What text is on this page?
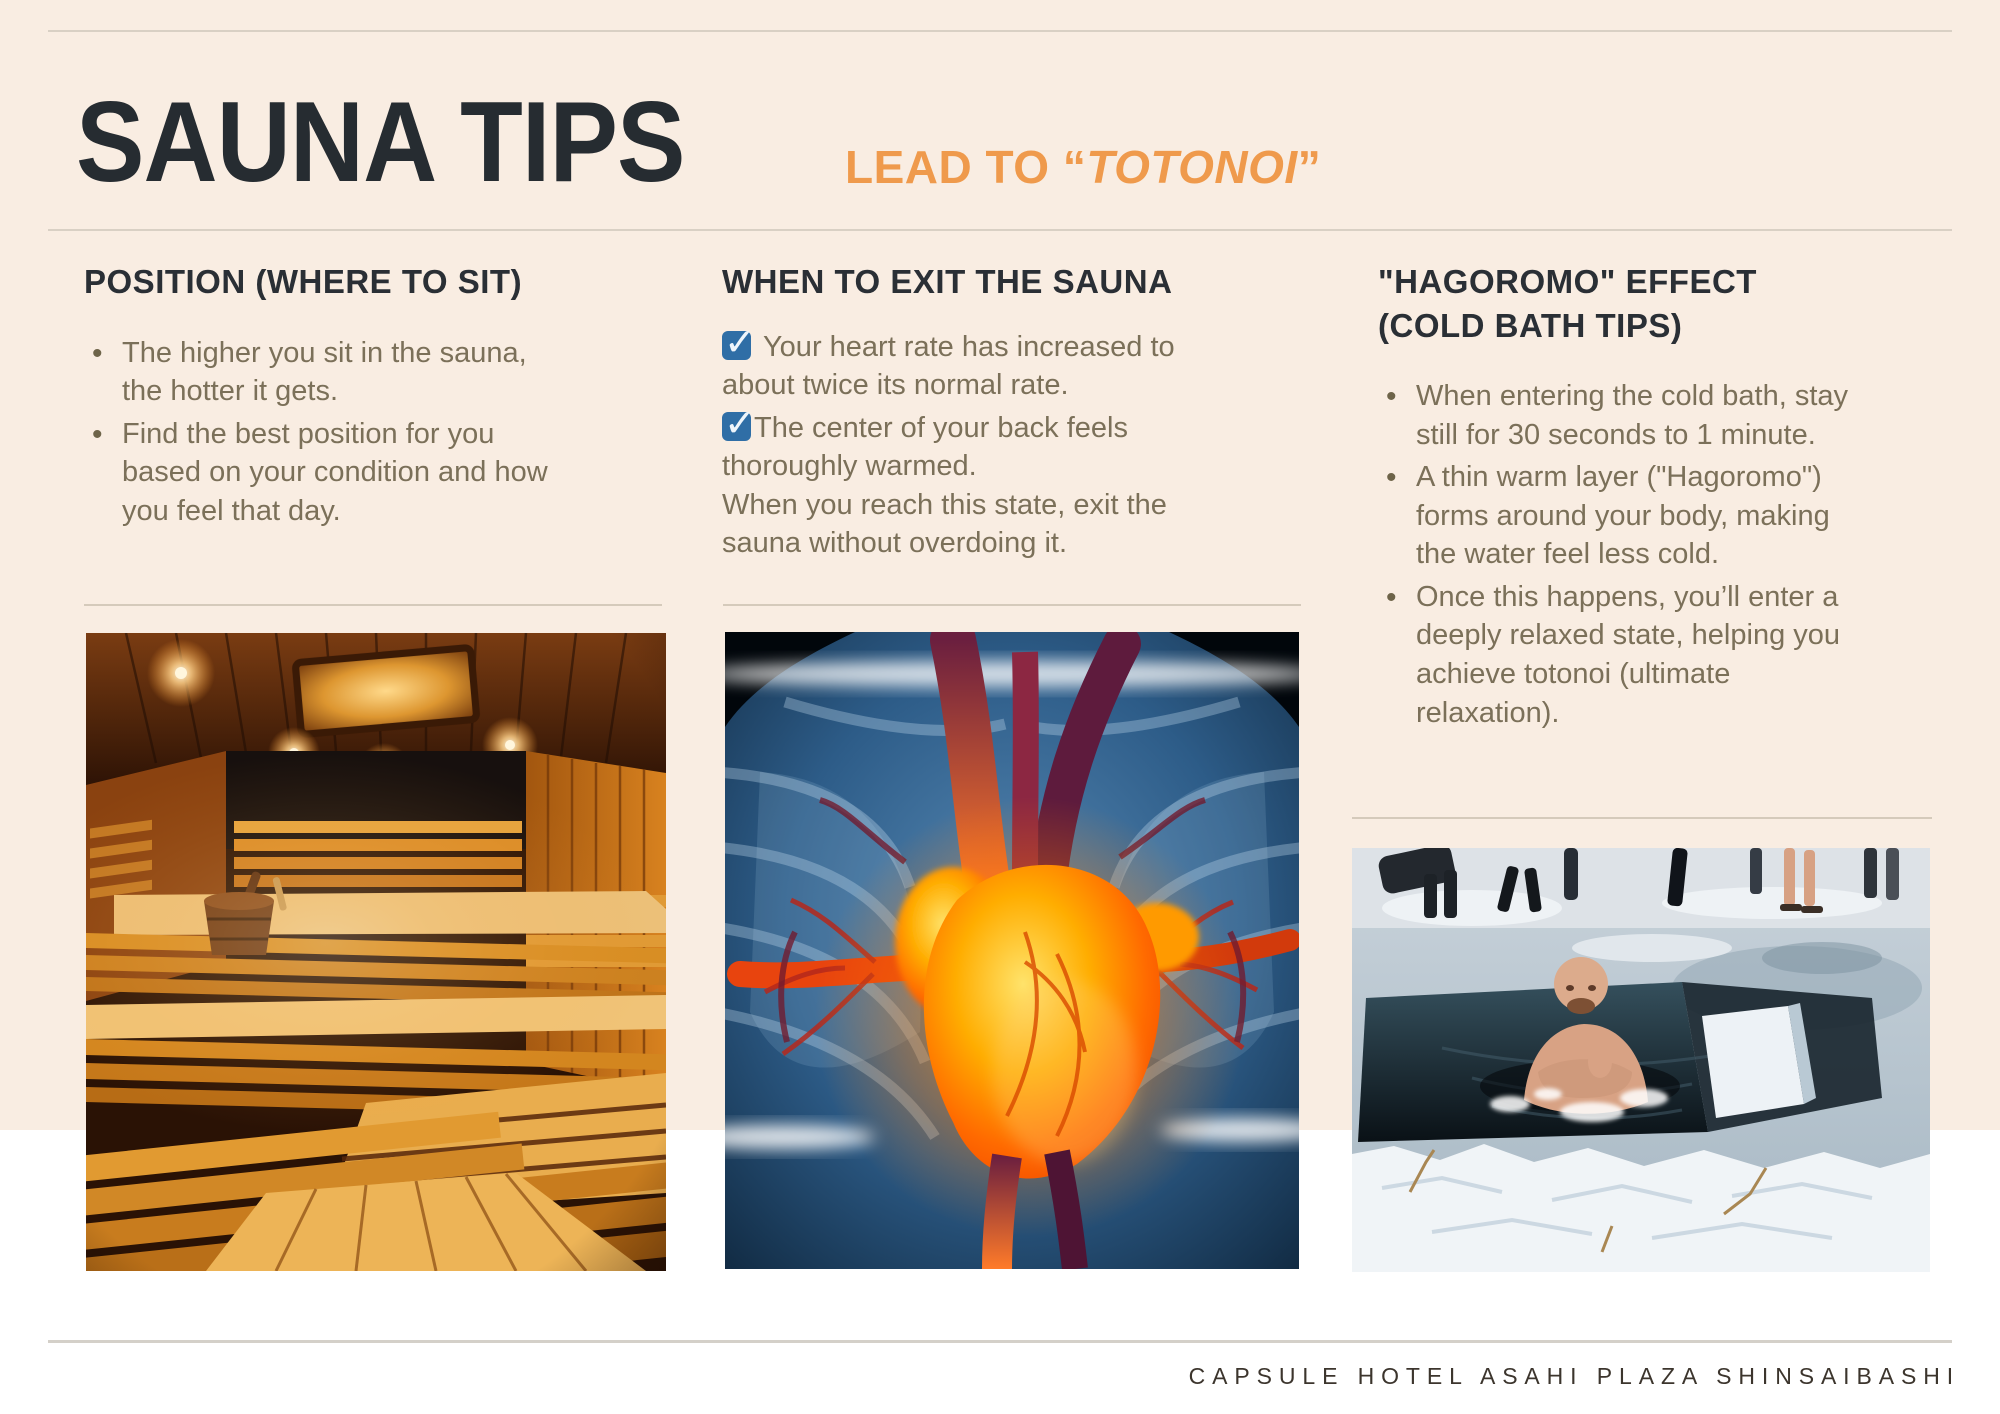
SAUNA TIPS	LEAD TO “TOTONOI”
POSITION (WHERE TO SIT)
• The higher you sit in the sauna,
the hotter it gets.
• Find the best position for you
based on your condition and how
you feel that day.
WHEN TO EXIT THE SAUNA

✓Your heart rate has increased to
about twice its normal rate.

✓The center of your back feels
thoroughly warmed.

When you reach this state, exit the
sauna without overdoing it.

"HAGOROMO" EFFECT
(COLD BATH TIPS)
• When entering the cold bath, stay
still for 30 seconds to 1 minute.
• A thin warm layer ("Hagoromo")
forms around your body, making
the water feel less cold.
• Once this happens, you’ll enter a
deeply relaxed state, helping you
achieve totonoi (ultimate
relaxation).
CAPSULE HOTEL ASAHI PLAZA SHINSAIBASHI
